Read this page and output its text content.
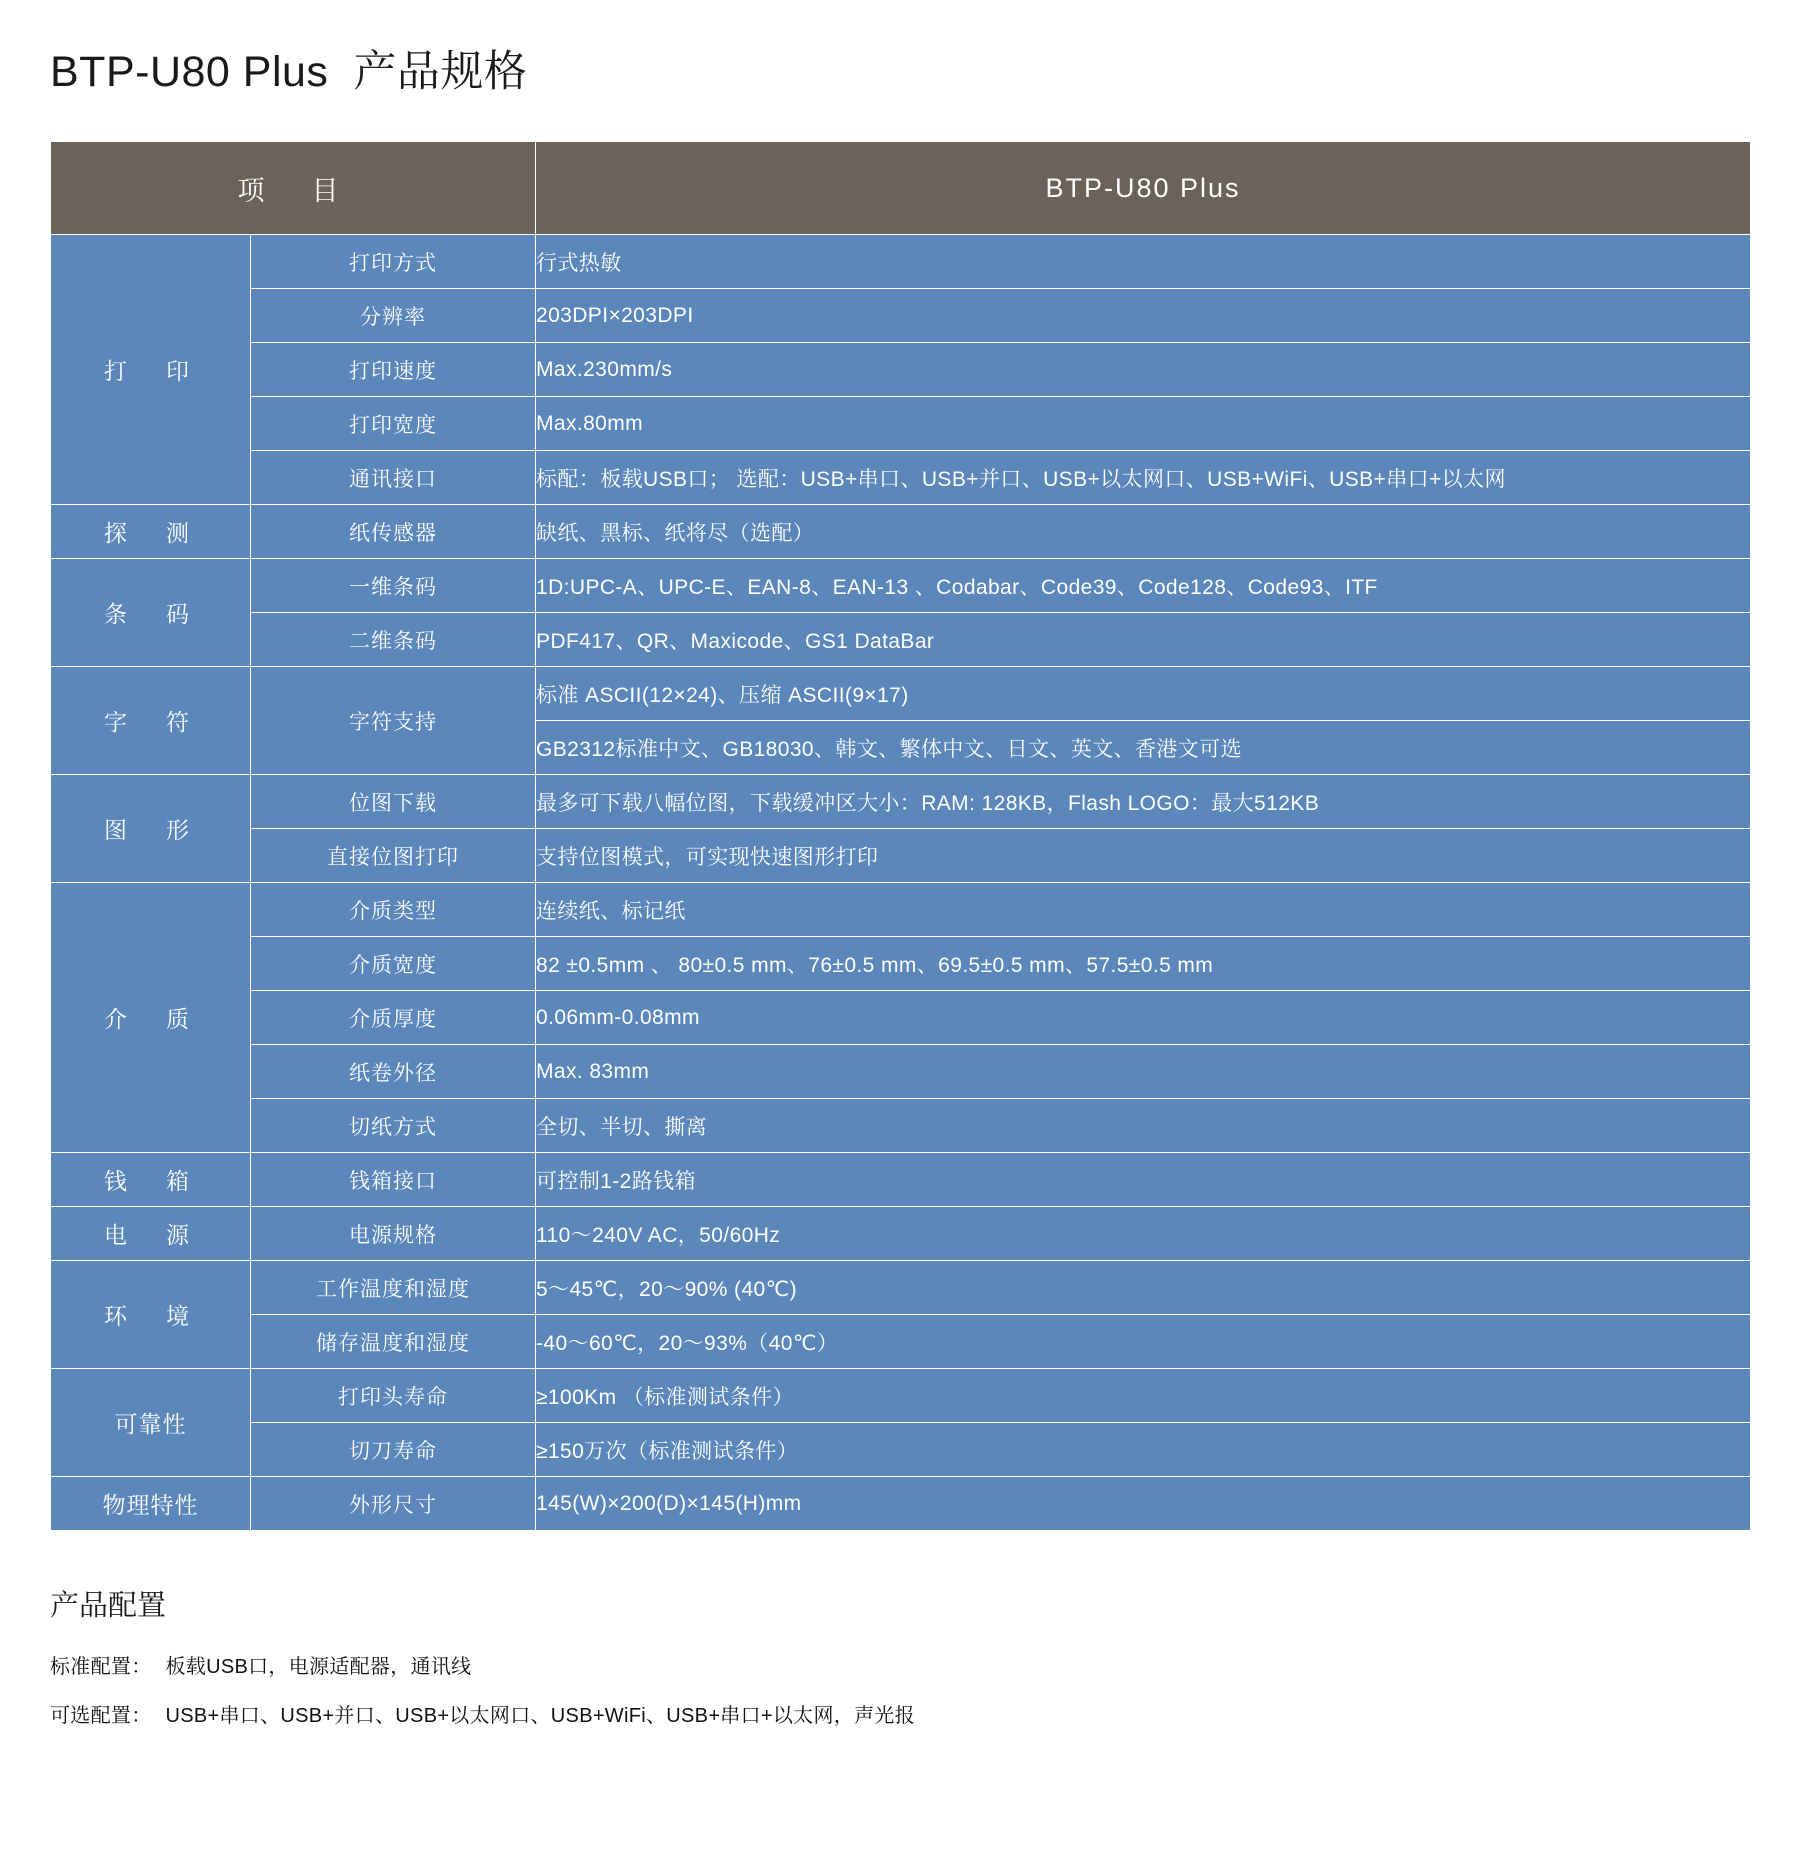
BTP-U80 Plus  产品规格
项　目		BTP-U80 Plus
打　印	打印方式	行式热敏
	分辨率	203DPI×203DPI
	打印速度	Max.230mm/s
	打印宽度	Max.80mm
	通讯接口	标配：板载USB口； 选配：USB+串口、USB+并口、USB+以太网口、USB+WiFi、USB+串口+以太网
探　测	纸传感器	缺纸、黑标、纸将尽（选配）
条　码	一维条码	1D:UPC-A、UPC-E、EAN-8、EAN-13 、Codabar、Code39、Code128、Code93、ITF
	二维条码	PDF417、QR、Maxicode、GS1 DataBar
字　符	字符支持	标准 ASCII(12×24)、压缩 ASCII(9×17)
		GB2312标准中文、GB18030、韩文、繁体中文、日文、英文、香港文可选
图　形	位图下载	最多可下载八幅位图，下载缓冲区大小：RAM: 128KB，Flash LOGO：最大512KB
	直接位图打印	支持位图模式，可实现快速图形打印
介　质	介质类型	连续纸、标记纸
	介质宽度	82 ±0.5mm 、 80±0.5 mm、76±0.5 mm、69.5±0.5 mm、57.5±0.5 mm
	介质厚度	0.06mm-0.08mm
	纸卷外径	Max. 83mm
	切纸方式	全切、半切、撕离
钱　箱	钱箱接口	可控制1-2路钱箱
电　源	电源规格	110～240V AC，50/60Hz
环　境	工作温度和湿度	5～45℃，20～90% (40℃)
	储存温度和湿度	-40～60℃，20～93%（40℃）
可靠性	打印头寿命	≥100Km （标准测试条件）
	切刀寿命	≥150万次（标准测试条件）
物理特性	外形尺寸	145(W)×200(D)×145(H)mm
产品配置

标准配置： 板载USB口，电源适配器，通讯线

可选配置： USB+串口、USB+并口、USB+以太网口、USB+WiFi、USB+串口+以太网，声光报
